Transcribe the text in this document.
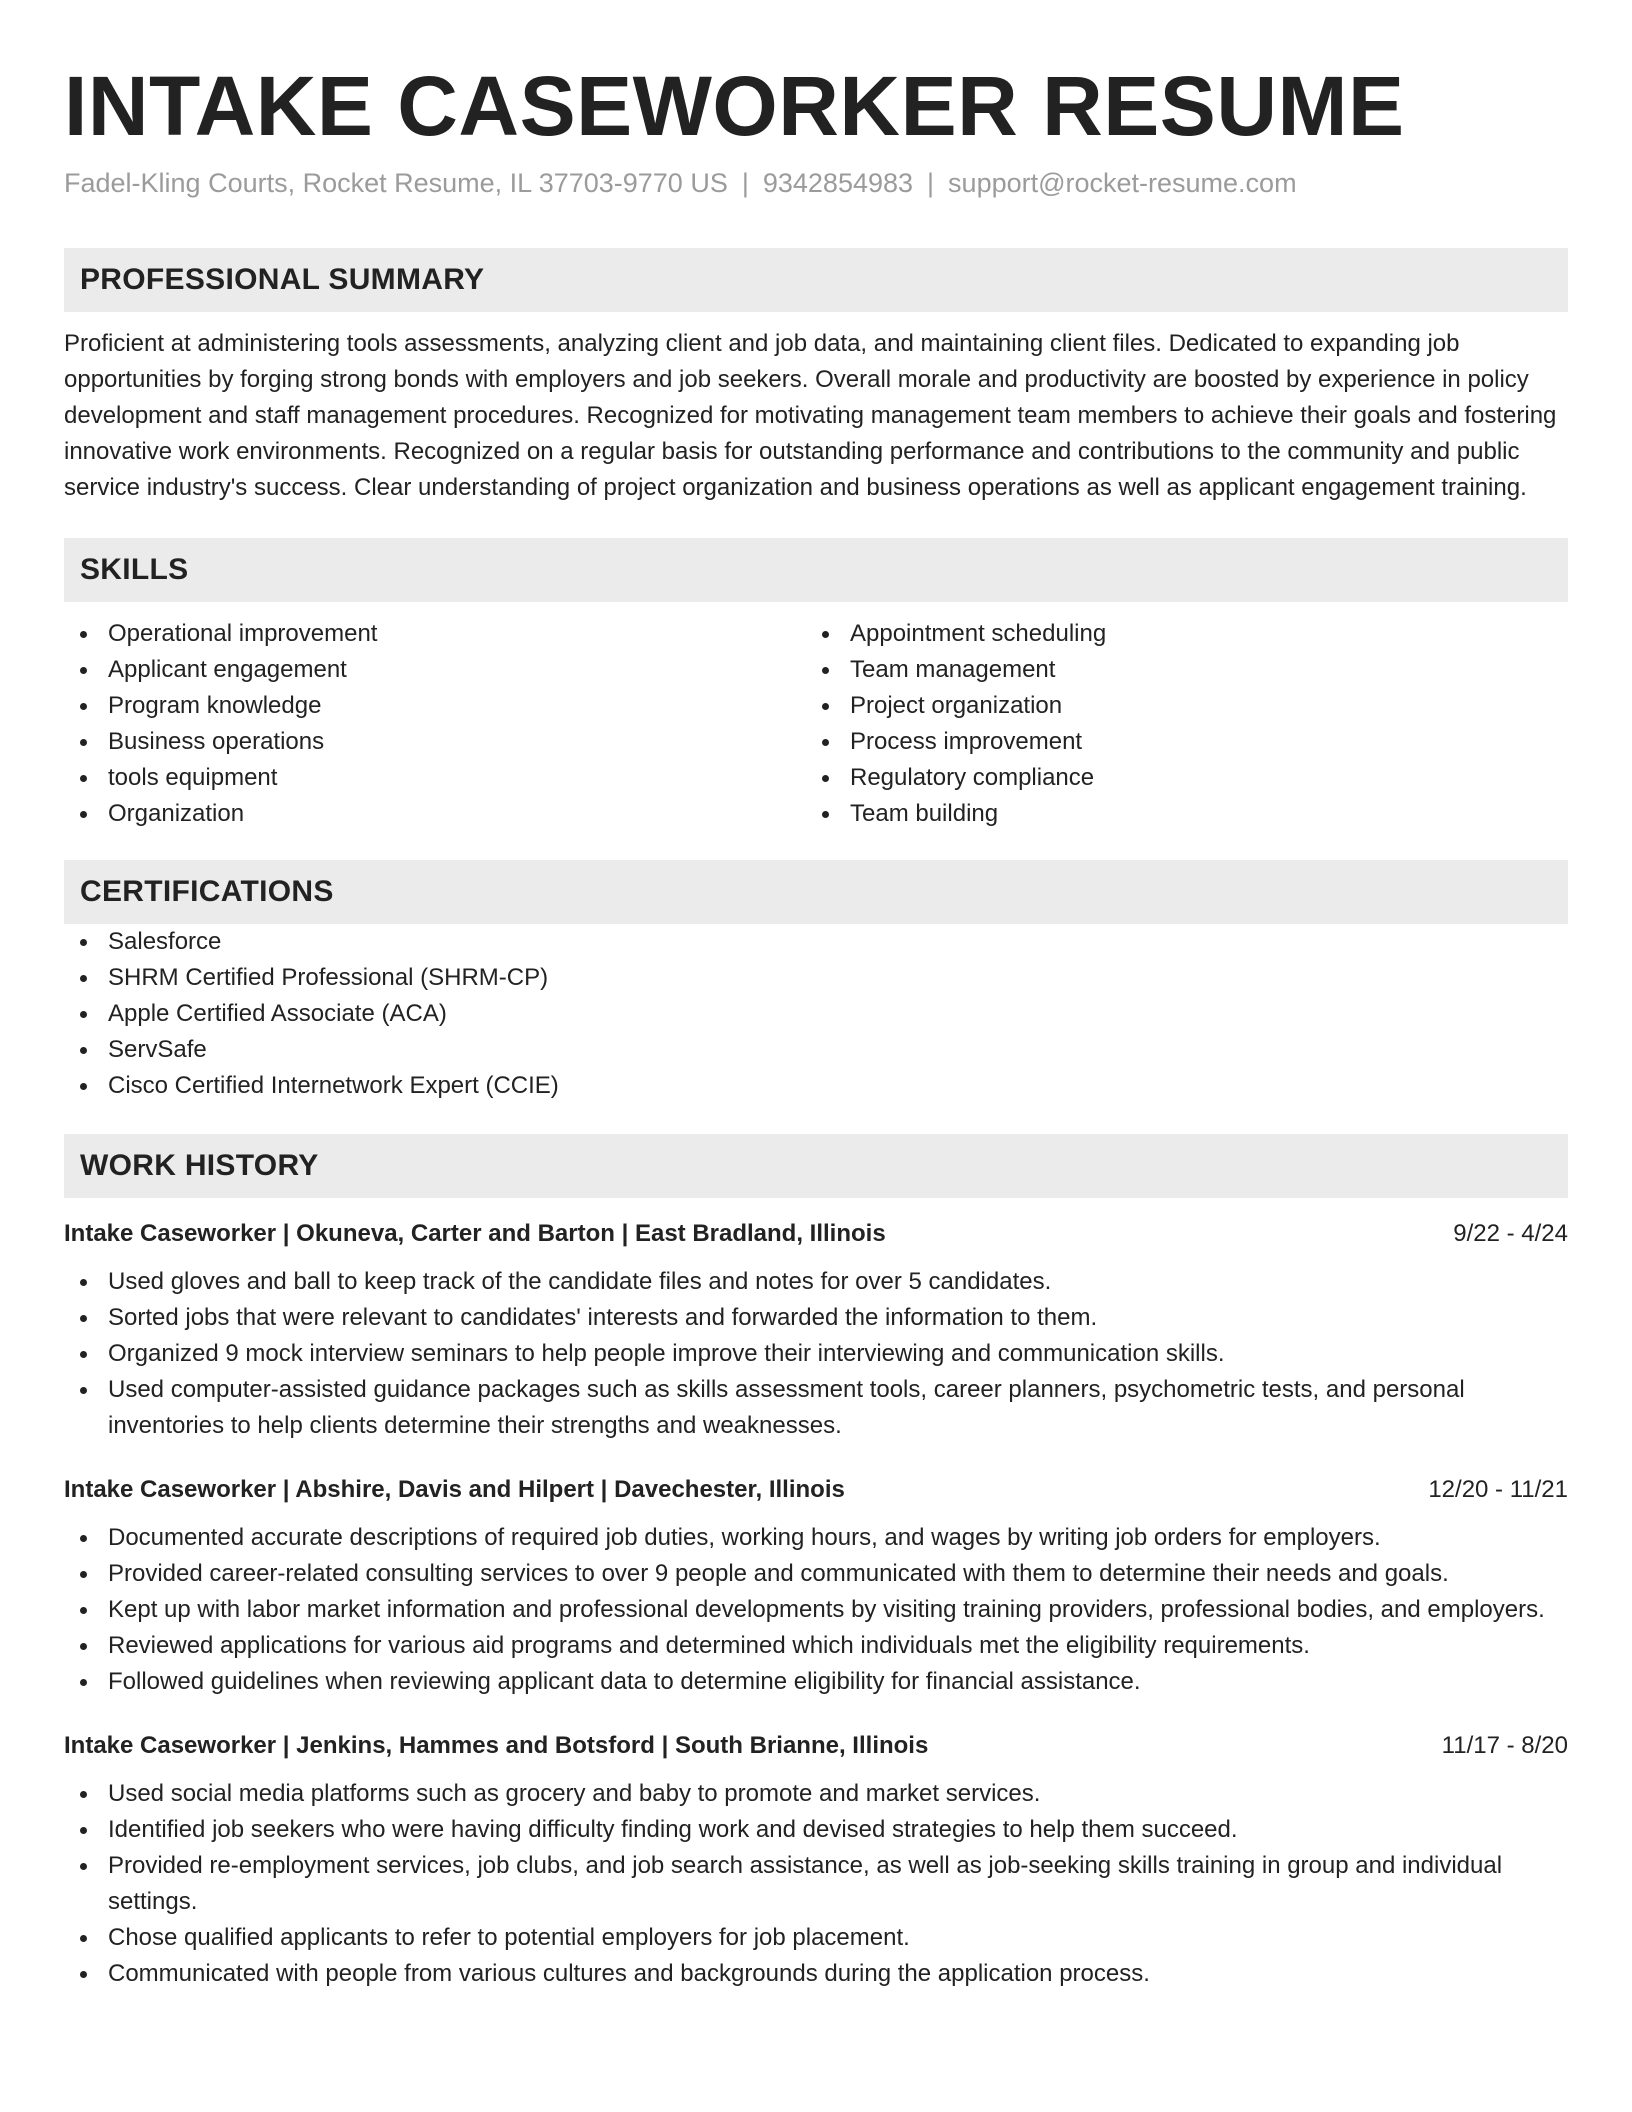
INTAKE CASEWORKER RESUME
Fadel-Kling Courts, Rocket Resume, IL 37703-9770 US | 9342854983 | support@rocket-resume.com
PROFESSIONAL SUMMARY

Proficient at administering tools assessments, analyzing client and job data, and maintaining client files. Dedicated to expanding job opportunities by forging strong bonds with employers and job seekers. Overall morale and productivity are boosted by experience in policy development and staff management procedures. Recognized for motivating management team members to achieve their goals and fostering innovative work environments. Recognized on a regular basis for outstanding performance and contributions to the community and public service industry's success. Clear understanding of project organization and business operations as well as applicant engagement training.

SKILLS
Operational improvement
Applicant engagement
Program knowledge
Business operations
tools equipment
Organization
Appointment scheduling
Team management
Project organization
Process improvement
Regulatory compliance
Team building
CERTIFICATIONS
Salesforce
SHRM Certified Professional (SHRM-CP)
Apple Certified Associate (ACA)
ServSafe
Cisco Certified Internetwork Expert (CCIE)
WORK HISTORY
Intake Caseworker | Okuneva, Carter and Barton | East Bradland, Illinois	9/22 - 4/24
Used gloves and ball to keep track of the candidate files and notes for over 5 candidates.
Sorted jobs that were relevant to candidates' interests and forwarded the information to them.
Organized 9 mock interview seminars to help people improve their interviewing and communication skills.
Used computer-assisted guidance packages such as skills assessment tools, career planners, psychometric tests, and personal inventories to help clients determine their strengths and weaknesses.
Intake Caseworker | Abshire, Davis and Hilpert | Davechester, Illinois	12/20 - 11/21
Documented accurate descriptions of required job duties, working hours, and wages by writing job orders for employers.
Provided career-related consulting services to over 9 people and communicated with them to determine their needs and goals.
Kept up with labor market information and professional developments by visiting training providers, professional bodies, and employers.
Reviewed applications for various aid programs and determined which individuals met the eligibility requirements.
Followed guidelines when reviewing applicant data to determine eligibility for financial assistance.
Intake Caseworker | Jenkins, Hammes and Botsford | South Brianne, Illinois	11/17 - 8/20
Used social media platforms such as grocery and baby to promote and market services.
Identified job seekers who were having difficulty finding work and devised strategies to help them succeed.
Provided re-employment services, job clubs, and job search assistance, as well as job-seeking skills training in group and individual settings.
Chose qualified applicants to refer to potential employers for job placement.
Communicated with people from various cultures and backgrounds during the application process.
